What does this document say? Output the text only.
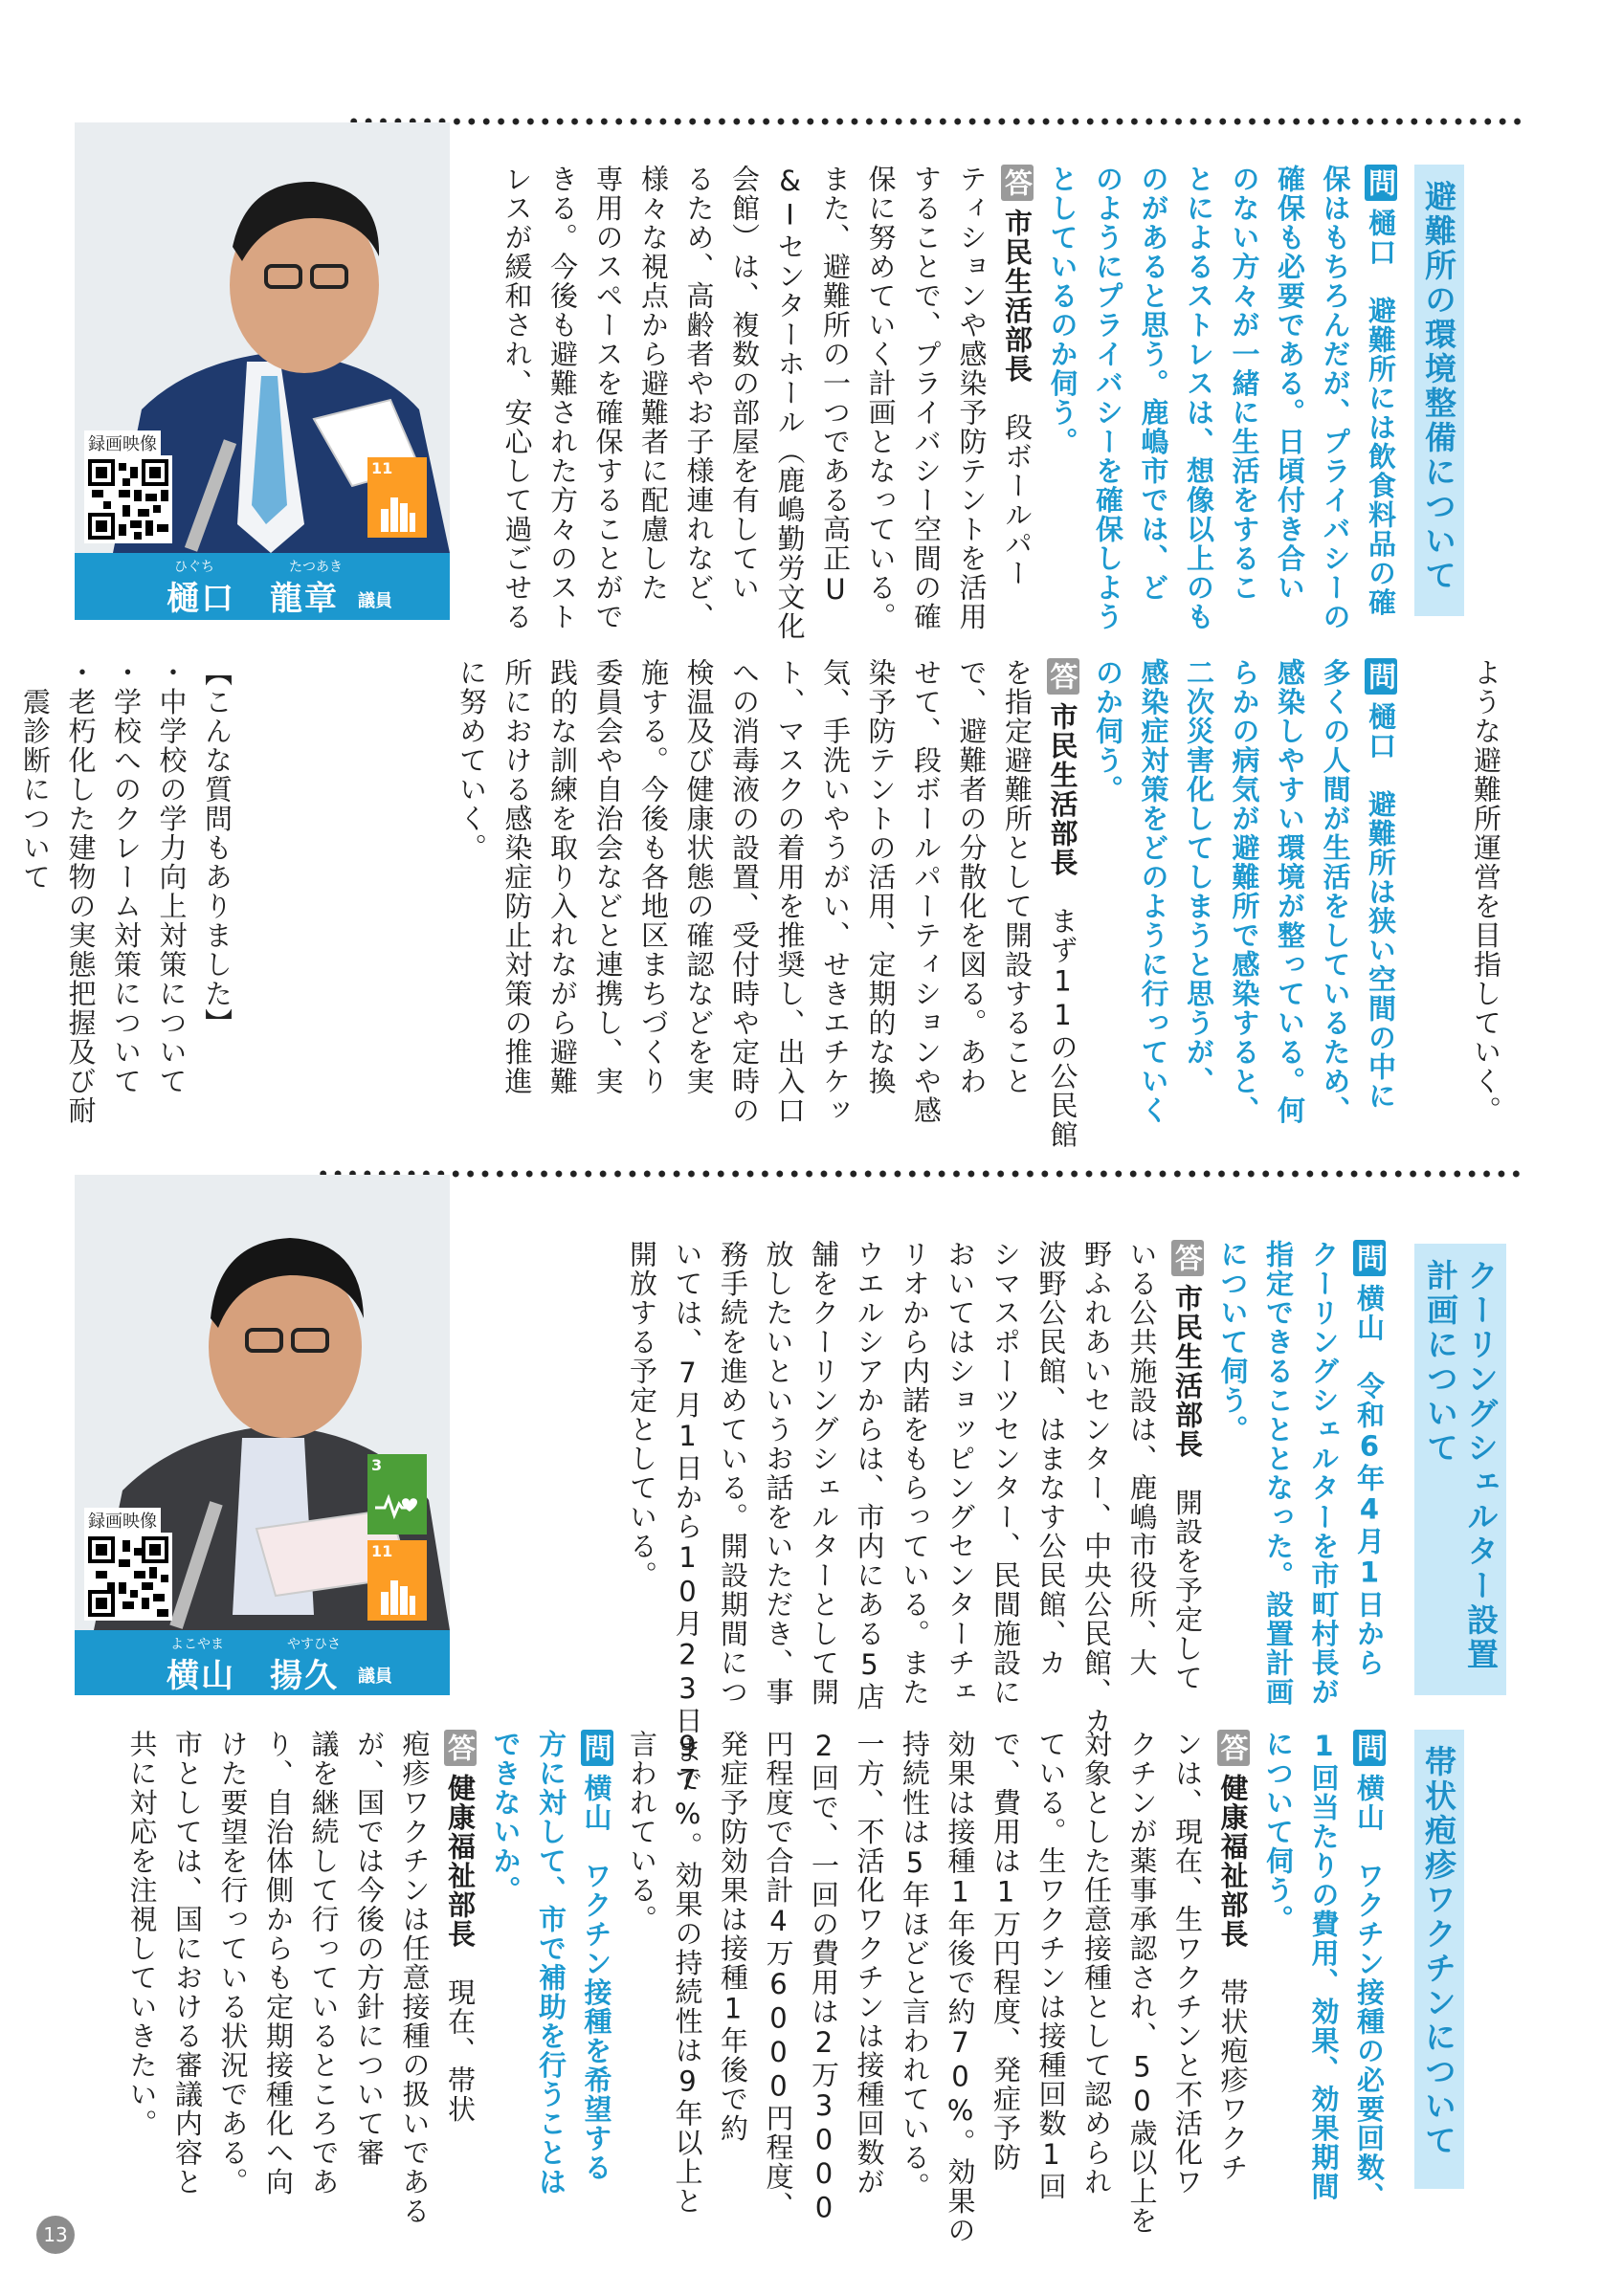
避難所の環境整備について
ような避難所運営を目指していく。
問樋口　避難所には飲食料品の確
保はもちろんだが、プライバシーの
確保も必要である。日頃付き合い
のない方々が一緒に生活をするこ
とによるストレスは、想像以上のも
のがあると思う。鹿嶋市では、ど
のようにプライバシーを確保しよう
としているのか伺う。
答市民生活部長　段ボールパー
ティションや感染予防テントを活用
することで、プライバシー空間の確
保に努めていく計画となっている。
また、避難所の一つである高正U
&Iセンターホール（鹿嶋勤労文化
会館）は、複数の部屋を有してい
るため、高齢者やお子様連れなど、
様々な視点から避難者に配慮した
専用のスペースを確保することがで
きる。今後も避難された方々のスト
レスが緩和され、安心して過ごせる
問樋口　避難所は狭い空間の中に
多くの人間が生活をしているため、
感染しやすい環境が整っている。何
らかの病気が避難所で感染すると、
二次災害化してしまうと思うが、
感染症対策をどのように行っていく
のか伺う。
答市民生活部長　まず11の公民館
を指定避難所として開設すること
で、避難者の分散化を図る。あわ
せて、段ボールパーティションや感
染予防テントの活用、定期的な換
気、手洗いやうがい、せきエチケッ
ト、マスクの着用を推奨し、出入口
への消毒液の設置、受付時や定時の
検温及び健康状態の確認などを実
施する。今後も各地区まちづくり
委員会や自治会などと連携し、実
践的な訓練を取り入れながら避難
所における感染症防止対策の推進
に努めていく。
【こんな質問もありました】
・中学校の学力向上対策について
・学校へのクレーム対策について
・老朽化した建物の実態把握及び耐
　震診断について
録画映像
11
ひぐち	たつあき
樋口　龍章 議員
クーリングシェルター設置計画について
問横山　令和6年4月1日から
クーリングシェルターを市町村長が
指定できることとなった。設置計画
について伺う。
答市民生活部長　開設を予定して
いる公共施設は、鹿嶋市役所、大
野ふれあいセンター、中央公民館、カ
波野公民館、はまなす公民館、カ
シマスポーツセンター、民間施設に
おいてはショッピングセンターチェ
リオから内諾をもらっている。また
ウエルシアからは、市内にある5店
舗をクーリングシェルターとして開
放したいというお話をいただき、事
務手続を進めている。開設期間につ
いては、7月1日から10月23日まで
開放する予定としている。
録画映像
3
11
よこやま	やすひさ
横山　揚久 議員
帯状疱疹ワクチンについて
問横山　ワクチン接種の必要回数、
1回当たりの費用、効果、効果期間
について伺う。
答健康福祉部長　帯状疱疹ワクチ
ンは、現在、生ワクチンと不活化ワ
クチンが薬事承認され、50歳以上を
対象とした任意接種として認められ
ている。生ワクチンは接種回数1回
で、費用は1万円程度、発症予防
効果は接種1年後で約70%。効果の
持続性は5年ほどと言われている。
一方、不活化ワクチンは接種回数が
2回で、一回の費用は2万3000
円程度で合計4万6000円程度、
発症予防効果は接種1年後で約
97%。効果の持続性は9年以上と
言われている。
問横山　ワクチン接種を希望する
方に対して、市で補助を行うことは
できないか。
答健康福祉部長　現在、帯状
疱疹ワクチンは任意接種の扱いである
が、国では今後の方針について審
議を継続して行っているところであ
り、自治体側からも定期接種化へ向
けた要望を行っている状況である。
市としては、国における審議内容と
共に対応を注視していきたい。
13
